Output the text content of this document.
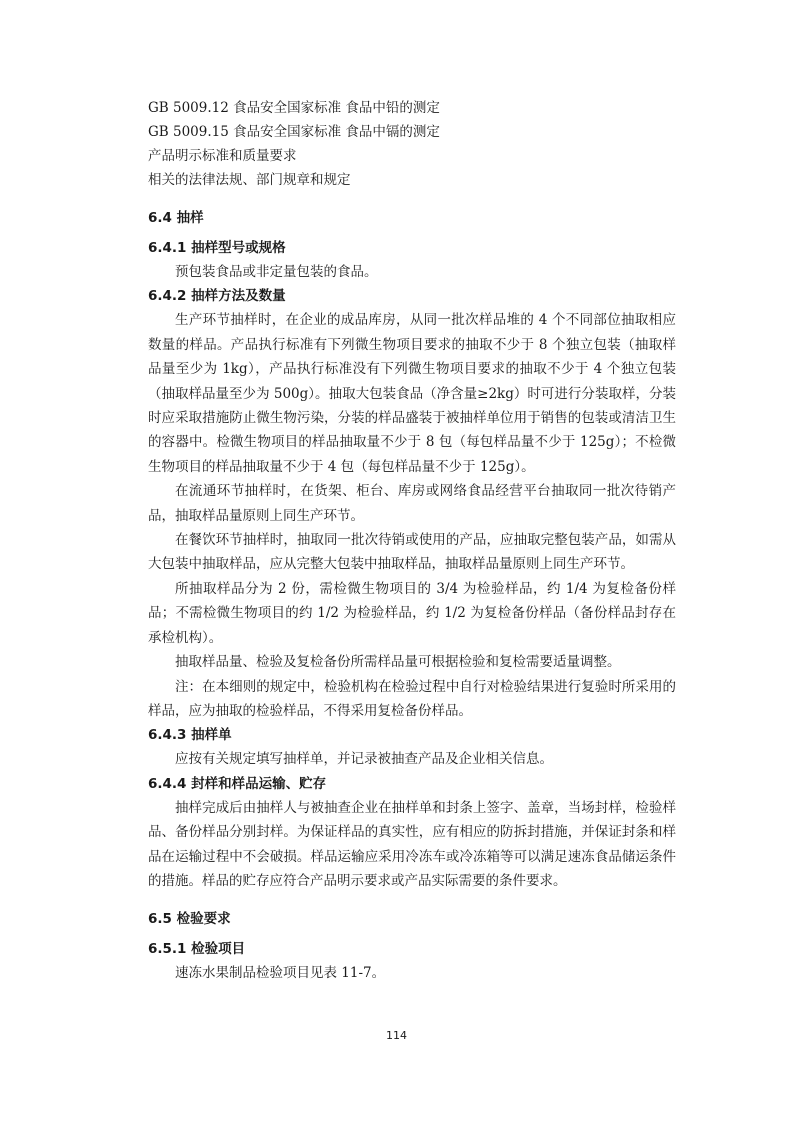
GB 5009.12 食品安全国家标准 食品中铅的测定
GB 5009.15 食品安全国家标准 食品中镉的测定
产品明示标准和质量要求
相关的法律法规、部门规章和规定
6.4 抽样
6.4.1 抽样型号或规格
预包装食品或非定量包装的食品。
6.4.2 抽样方法及数量
生产环节抽样时，在企业的成品库房，从同一批次样品堆的 4 个不同部位抽取相应数量的样品。产品执行标准有下列微生物项目要求的抽取不少于 8 个独立包装（抽取样品量至少为 1kg），产品执行标准没有下列微生物项目要求的抽取不少于 4 个独立包装（抽取样品量至少为 500g）。抽取大包装食品（净含量≥2kg）时可进行分装取样，分装时应采取措施防止微生物污染，分装的样品盛装于被抽样单位用于销售的包装或清洁卫生的容器中。检微生物项目的样品抽取量不少于 8 包（每包样品量不少于 125g）；不检微生物项目的样品抽取量不少于 4 包（每包样品量不少于 125g）。
在流通环节抽样时，在货架、柜台、库房或网络食品经营平台抽取同一批次待销产品，抽取样品量原则上同生产环节。
在餐饮环节抽样时，抽取同一批次待销或使用的产品，应抽取完整包装产品，如需从大包装中抽取样品，应从完整大包装中抽取样品，抽取样品量原则上同生产环节。
所抽取样品分为 2 份，需检微生物项目的 3/4 为检验样品，约 1/4 为复检备份样品；不需检微生物项目的约 1/2 为检验样品，约 1/2 为复检备份样品（备份样品封存在承检机构）。
抽取样品量、检验及复检备份所需样品量可根据检验和复检需要适量调整。
注：在本细则的规定中，检验机构在检验过程中自行对检验结果进行复验时所采用的样品，应为抽取的检验样品，不得采用复检备份样品。
6.4.3 抽样单
应按有关规定填写抽样单，并记录被抽查产品及企业相关信息。
6.4.4 封样和样品运输、贮存
抽样完成后由抽样人与被抽查企业在抽样单和封条上签字、盖章，当场封样，检验样品、备份样品分别封样。为保证样品的真实性，应有相应的防拆封措施，并保证封条和样品在运输过程中不会破损。样品运输应采用冷冻车或冷冻箱等可以满足速冻食品储运条件的措施。样品的贮存应符合产品明示要求或产品实际需要的条件要求。
6.5 检验要求
6.5.1 检验项目
速冻水果制品检验项目见表 11-7。
114
